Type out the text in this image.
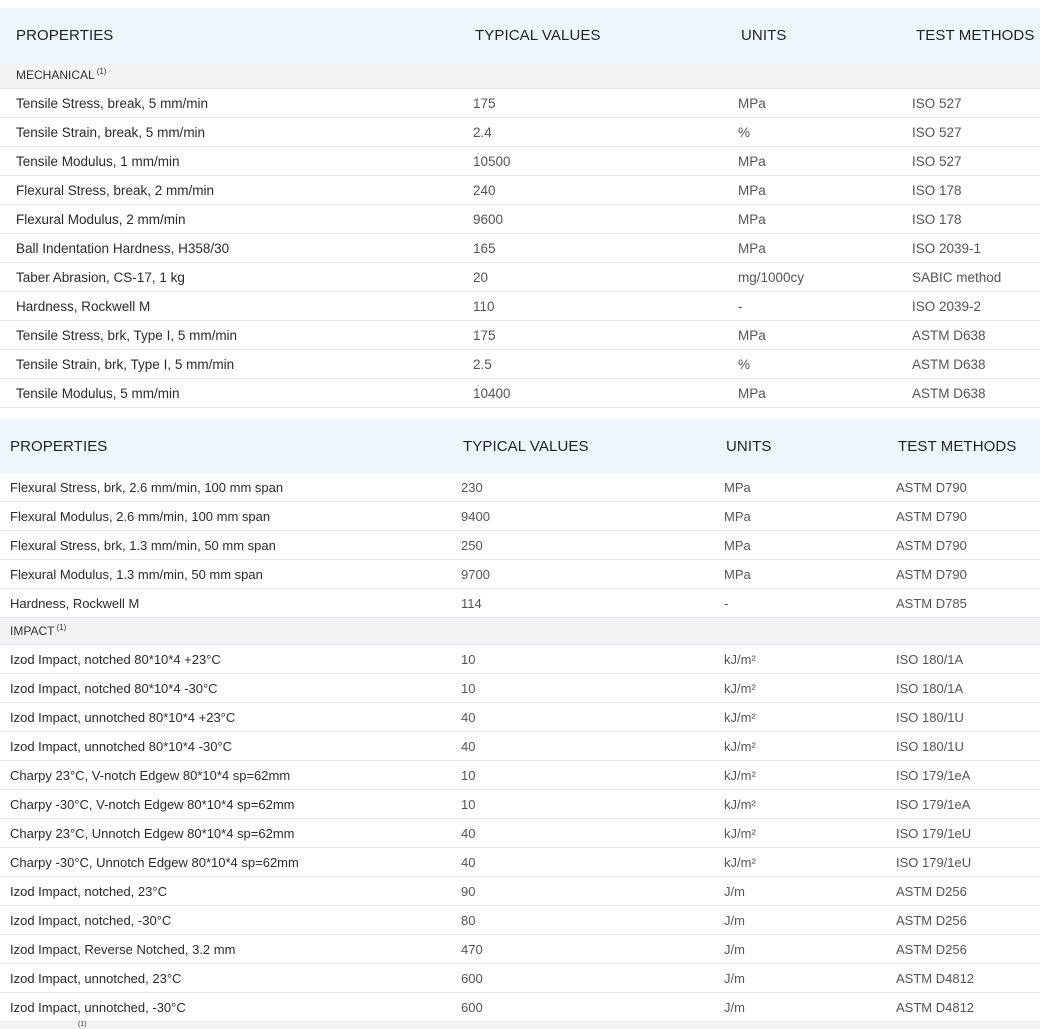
PROPERTIES	TYPICAL VALUES	UNITS	TEST METHODS
MECHANICAL $^{(1)}$
Tensile Stress, break, 5 mm/min	175	MPa	ISO 527
Tensile Strain, break, 5 mm/min	2.4	%	ISO 527
Tensile Modulus, 1 mm/min	10500	MPa	ISO 527
Flexural Stress, break, 2 mm/min	240	MPa	ISO 178
Flexural Modulus, 2 mm/min	9600	MPa	ISO 178
Ball Indentation Hardness, H358/30	165	MPa	ISO 2039-1
Taber Abrasion, CS-17, 1 kg	20	mg/1000cy	SABIC method
Hardness, Rockwell M	110	-	ISO 2039-2
Tensile Stress, brk, Type I, 5 mm/min	175	MPa	ASTM D638
Tensile Strain, brk, Type I, 5 mm/min	2.5	%	ASTM D638
Tensile Modulus, 5 mm/min	10400	MPa	ASTM D638
PROPERTIES	TYPICAL VALUES	UNITS	TEST METHODS
Flexural Stress, brk, 2.6 mm/min, 100 mm span	230	MPa	ASTM D790
Flexural Modulus, 2.6 mm/min, 100 mm span	9400	MPa	ASTM D790
Flexural Stress, brk, 1.3 mm/min, 50 mm span	250	MPa	ASTM D790
Flexural Modulus, 1.3 mm/min, 50 mm span	9700	MPa	ASTM D790
Hardness, Rockwell M	114	-	ASTM D785
IMPACT $^{(1)}$
Izod Impact, notched 80*10*4 +23°C	10	kJ/m²	ISO 180/1A
Izod Impact, notched 80*10*4 -30°C	10	kJ/m²	ISO 180/1A
Izod Impact, unnotched 80*10*4 +23°C	40	kJ/m²	ISO 180/1U
Izod Impact, unnotched 80*10*4 -30°C	40	kJ/m²	ISO 180/1U
Charpy 23°C, V-notch Edgew 80*10*4 sp=62mm	10	kJ/m²	ISO 179/1eA
Charpy -30°C, V-notch Edgew 80*10*4 sp=62mm	10	kJ/m²	ISO 179/1eA
Charpy 23°C, Unnotch Edgew 80*10*4 sp=62mm	40	kJ/m²	ISO 179/1eU
Charpy -30°C, Unnotch Edgew 80*10*4 sp=62mm	40	kJ/m²	ISO 179/1eU
Izod Impact, notched, 23°C	90	J/m	ASTM D256
Izod Impact, notched, -30°C	80	J/m	ASTM D256
Izod Impact, Reverse Notched, 3.2 mm	470	J/m	ASTM D256
Izod Impact, unnotched, 23°C	600	J/m	ASTM D4812
Izod Impact, unnotched, -30°C	600	J/m	ASTM D4812
(1)
